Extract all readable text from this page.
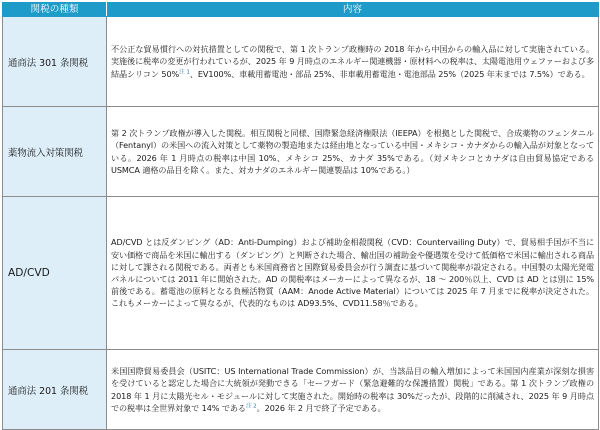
関税の種類	内容
通商法 301 条関税	不公正な貿易慣行への対抗措置としての関税で、第 1 次トランプ政権時の 2018 年から中国からの輸入品に対して実施されている。実施後に税率の変更が行われているが、2025 年 9 月時点のエネルギー関連機器・原材料への税率は、太陽電池用ウェファーおよび多結晶シリコン 50%$^{注 1}$、EV100%、車載用蓄電池・部品 25%、非車載用蓄電池・電池部品 25%（2025 年末までは 7.5%）である。
薬物流入対策関税	第 2 次トランプ政権が導入した関税。相互関税と同様、国際緊急経済権限法（IEEPA）を根拠とした関税で、合成薬物のフェンタニル（Fentanyl）の米国への流入対策として薬物の製造地または経由地となっている中国・メキシコ・カナダからの輸入品が対象となっている。2026 年 1 月時点の税率は中国 10%、メキシコ 25%、カナダ 35%である。（対メキシコとカナダは自由貿易協定である USMCA 適格の品目を除く。また、対カナダのエネルギー関連製品は 10%である。）
AD/CVD	AD/CVD とは反ダンピング（AD：Anti-Dumping）および補助金相殺関税（CVD：Countervailing Duty）で、貿易相手国が不当に安い価格で商品を米国に輸出する（ダンピング）と判断された場合、輸出国の補助金や優遇策を受けて低価格で米国に輸出される商品に対して課される関税である。両者とも米国商務省と国際貿易委員会が行う調査に基づいて関税率が設定される。中国製の太陽光発電パネルについては 2011 年に開始された。AD の関税率はメーカーによって異なるが、18 ～ 200％以上、CVD は AD とは別に 15% 前後である。蓄電池の原料となる負極活物質（AAM：Anode Active Material）については 2025 年 7 月までに税率が決定された。これもメーカーによって異なるが、代表的なものは AD93.5%、CVD11.58％である。
通商法 201 条関税	米国国際貿易委員会（USITC：US International Trade Commission）が、当該品目の輸入増加によって米国国内産業が深刻な損害を受けていると認定した場合に大統領が発動できる「セーフガード（緊急避難的な保護措置）関税」である。第 1 次トランプ政権の 2018 年 1 月に太陽光セル・モジュールに対して実施された。開始時の税率は 30%だったが、段階的に削減され、2025 年 9 月時点での税率は全世界対象で 14% である$^{注 2}$。2026 年 2 月で終了予定である。
